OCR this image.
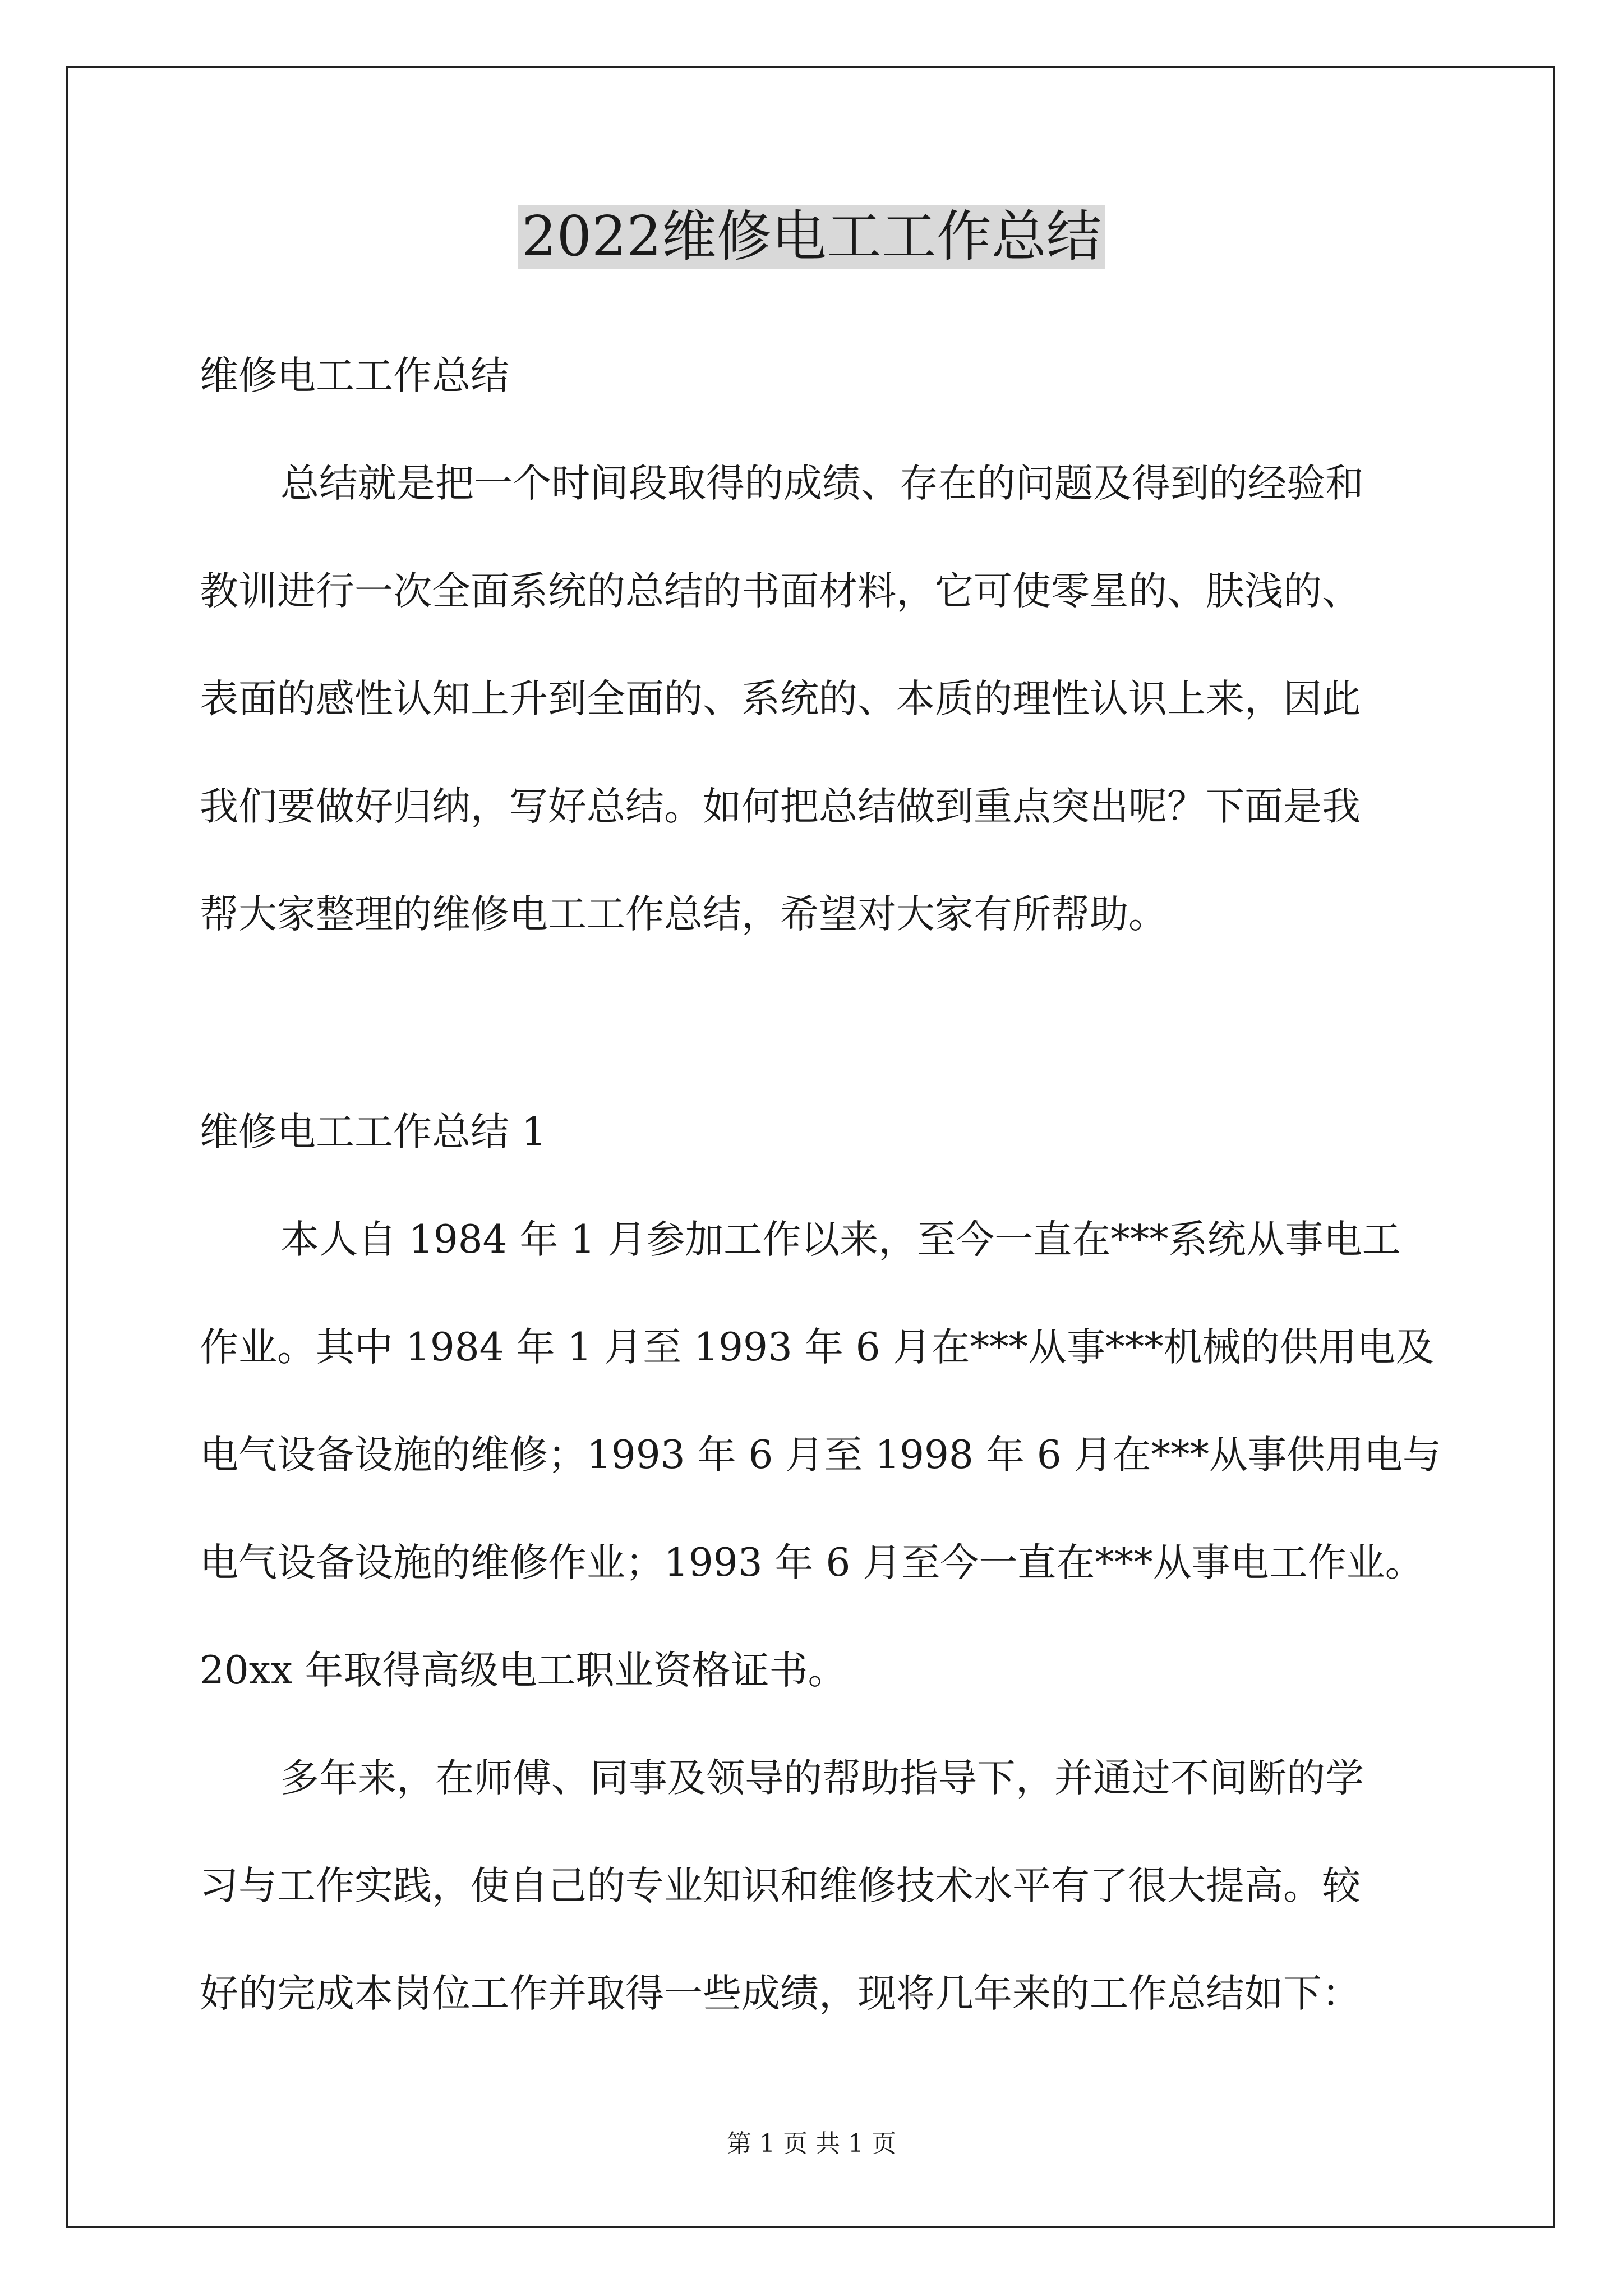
2022维修电工工作总结
维修电工工作总结
总结就是把一个时间段取得的成绩、存在的问题及得到的经验和
教训进行一次全面系统的总结的书面材料，它可使零星的、肤浅的、
表面的感性认知上升到全面的、系统的、本质的理性认识上来，因此
我们要做好归纳，写好总结。如何把总结做到重点突出呢？下面是我
帮大家整理的维修电工工作总结，希望对大家有所帮助。
维修电工工作总结 1
本人自 1984 年 1 月参加工作以来，至今一直在***系统从事电工
作业。其中 1984 年 1 月至 1993 年 6 月在***从事***机械的供用电及
电气设备设施的维修；1993 年 6 月至 1998 年 6 月在***从事供用电与
电气设备设施的维修作业；1993 年 6 月至今一直在***从事电工作业。
20xx 年取得高级电工职业资格证书。
多年来，在师傅、同事及领导的帮助指导下，并通过不间断的学
习与工作实践，使自己的专业知识和维修技术水平有了很大提高。较
好的完成本岗位工作并取得一些成绩，现将几年来的工作总结如下：
第 1 页 共 1 页
